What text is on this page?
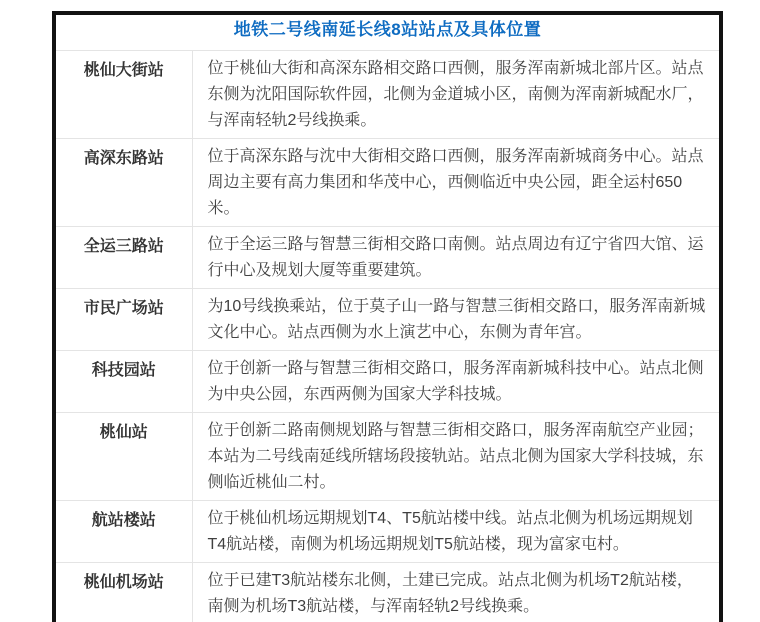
地铁二号线南延长线8站站点及具体位置	
桃仙大街站	位于桃仙大街和高深东路相交路口西侧，服务浑南新城北部片区。站点东侧为沈阳国际软件园，北侧为金道城小区，南侧为浑南新城配水厂，与浑南轻轨2号线换乘。
高深东路站	位于高深东路与沈中大街相交路口西侧，服务浑南新城商务中心。站点周边主要有高力集团和华茂中心，西侧临近中央公园，距全运村650米。
全运三路站	位于全运三路与智慧三街相交路口南侧。站点周边有辽宁省四大馆、运行中心及规划大厦等重要建筑。
市民广场站	为10号线换乘站，位于莫子山一路与智慧三街相交路口，服务浑南新城文化中心。站点西侧为水上演艺中心，东侧为青年宫。
科技园站	位于创新一路与智慧三街相交路口，服务浑南新城科技中心。站点北侧为中央公园，东西两侧为国家大学科技城。
桃仙站	位于创新二路南侧规划路与智慧三街相交路口，服务浑南航空产业园；本站为二号线南延线所辖场段接轨站。站点北侧为国家大学科技城，东侧临近桃仙二村。
航站楼站	位于桃仙机场远期规划T4、T5航站楼中线。站点北侧为机场远期规划T4航站楼，南侧为机场远期规划T5航站楼，现为富家屯村。
桃仙机场站	位于已建T3航站楼东北侧，土建已完成。站点北侧为机场T2航站楼，南侧为机场T3航站楼，与浑南轻轨2号线换乘。
